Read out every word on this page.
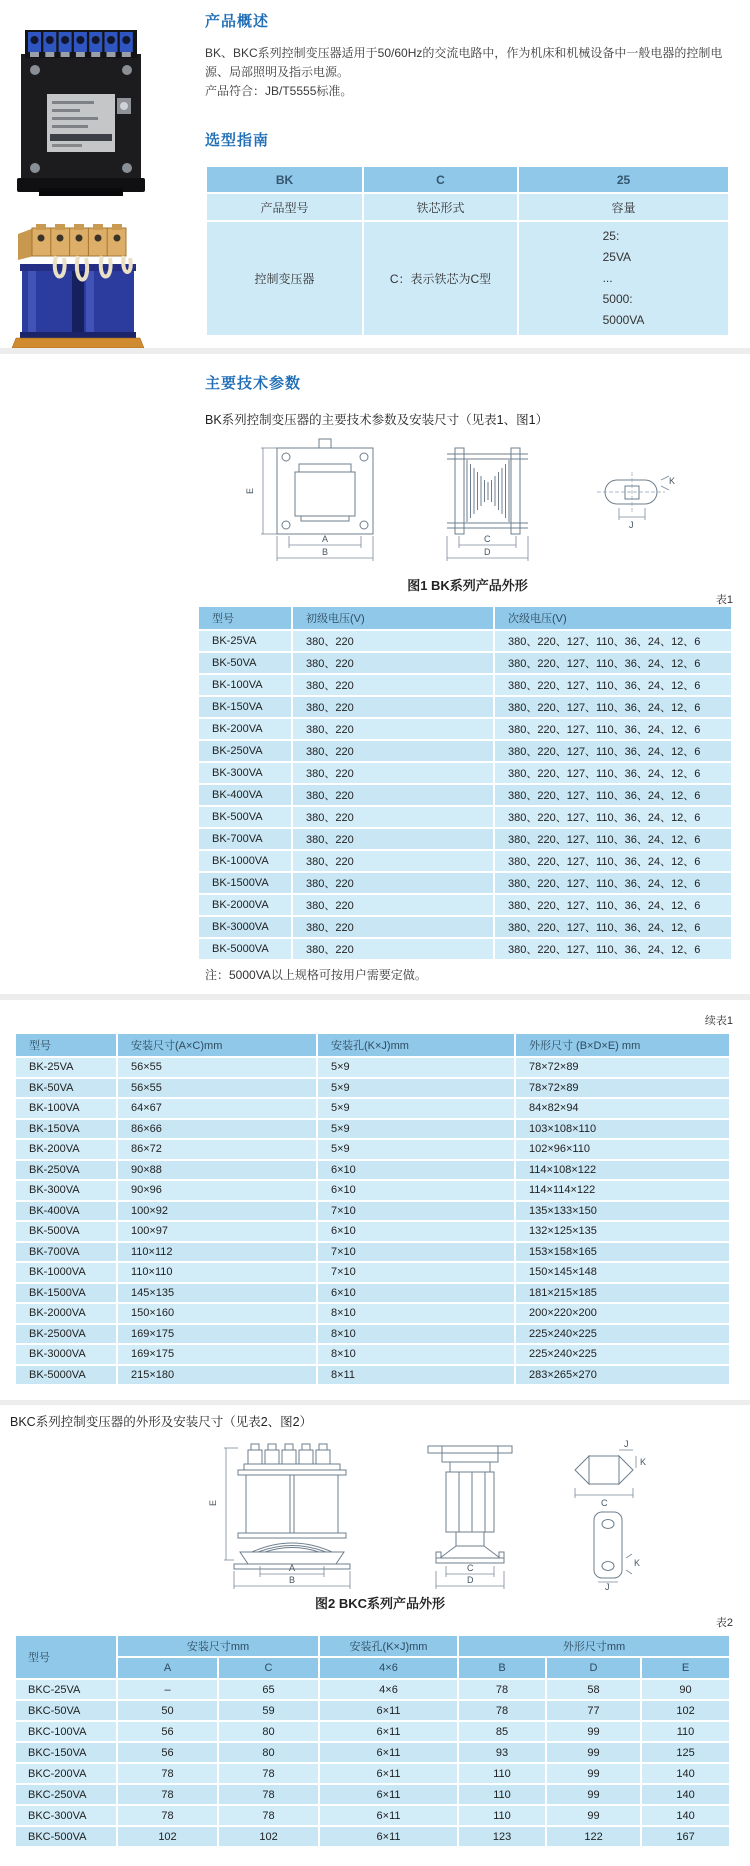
产品概述

BK、BKC系列控制变压器适用于50/60Hz的交流电路中，作为机床和机械设备中一般电器的控制电源、局部照明及指示电源。
产品符合：JB/T5555标准。

选型指南
BK	C	25
产品型号	铁芯形式	容量
控制变压器	C：表示铁芯为C型
25:
25VA
...
5000:
5000VA
主要技术参数
BK系列控制变压器的主要技术参数及安装尺寸（见表1、图1）
E
A
B
C
D
K
J
图1 BK系列产品外形
表1
型号	初级电压(V)	次级电压(V)
BK-25VA	380、220	380、220、127、110、36、24、12、6
BK-50VA	380、220	380、220、127、110、36、24、12、6
BK-100VA	380、220	380、220、127、110、36、24、12、6
BK-150VA	380、220	380、220、127、110、36、24、12、6
BK-200VA	380、220	380、220、127、110、36、24、12、6
BK-250VA	380、220	380、220、127、110、36、24、12、6
BK-300VA	380、220	380、220、127、110、36、24、12、6
BK-400VA	380、220	380、220、127、110、36、24、12、6
BK-500VA	380、220	380、220、127、110、36、24、12、6
BK-700VA	380、220	380、220、127、110、36、24、12、6
BK-1000VA	380、220	380、220、127、110、36、24、12、6
BK-1500VA	380、220	380、220、127、110、36、24、12、6
BK-2000VA	380、220	380、220、127、110、36、24、12、6
BK-3000VA	380、220	380、220、127、110、36、24、12、6
BK-5000VA	380、220	380、220、127、110、36、24、12、6
注：5000VA以上规格可按用户需要定做。
续表1
型号	安装尺寸(A×C)mm	安装孔(K×J)mm	外形尺寸 (B×D×E) mm
BK-25VA	56×55	5×9	78×72×89
BK-50VA	56×55	5×9	78×72×89
BK-100VA	64×67	5×9	84×82×94
BK-150VA	86×66	5×9	103×108×110
BK-200VA	86×72	5×9	102×96×110
BK-250VA	90×88	6×10	114×108×122
BK-300VA	90×96	6×10	114×114×122
BK-400VA	100×92	7×10	135×133×150
BK-500VA	100×97	6×10	132×125×135
BK-700VA	110×112	7×10	153×158×165
BK-1000VA	110×110	7×10	150×145×148
BK-1500VA	145×135	6×10	181×215×185
BK-2000VA	150×160	8×10	200×220×200
BK-2500VA	169×175	8×10	225×240×225
BK-3000VA	169×175	8×10	225×240×225
BK-5000VA	215×180	8×11	283×265×270
BKC系列控制变压器的外形及安装尺寸（见表2、图2）
E
A
B
C
D
J
K
C
K
J
图2 BKC系列产品外形
表2
型号	安装尺寸mm		安装孔(K×J)mm	外形尺寸mm		
	A	C	4×6	B	D	E
BKC-25VA	–	65	4×6	78	58	90
BKC-50VA	50	59	6×11	78	77	102
BKC-100VA	56	80	6×11	85	99	110
BKC-150VA	56	80	6×11	93	99	125
BKC-200VA	78	78	6×11	110	99	140
BKC-250VA	78	78	6×11	110	99	140
BKC-300VA	78	78	6×11	110	99	140
BKC-500VA	102	102	6×11	123	122	167
